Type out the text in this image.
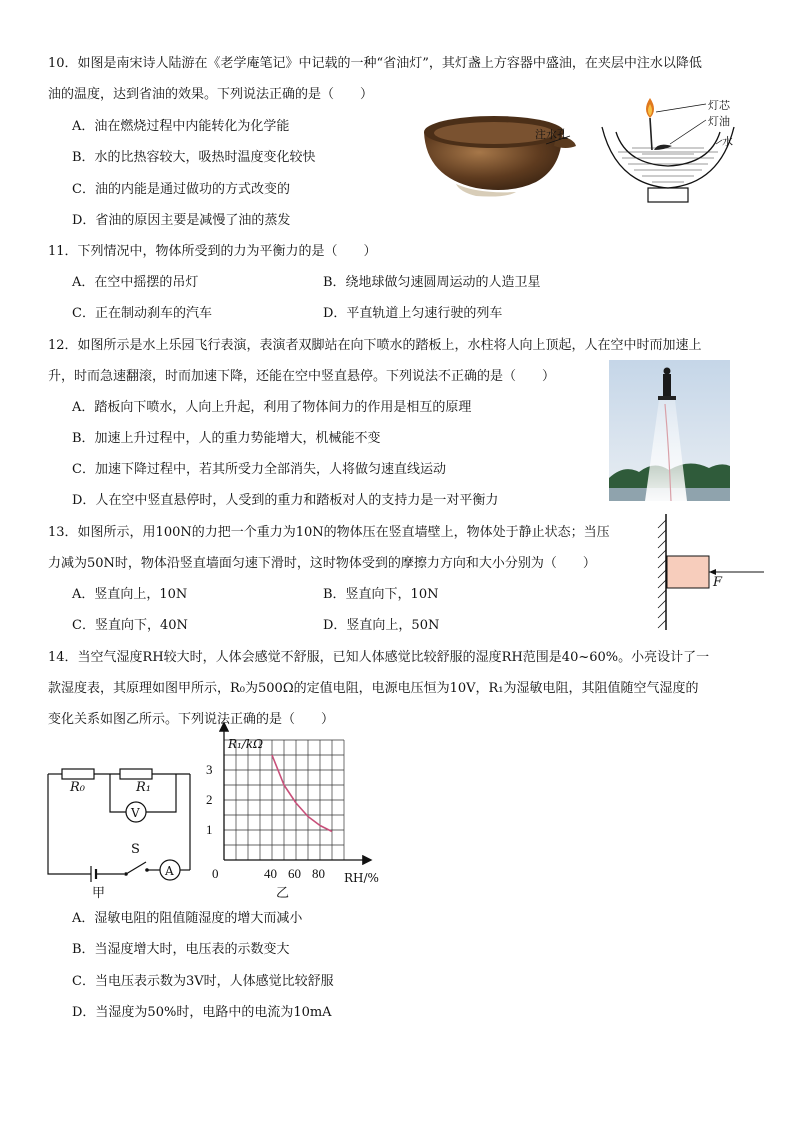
10．如图是南宋诗人陆游在《老学庵笔记》中记载的一种“省油灯”，其灯盏上方容器中盛油，在夹层中注水以降低
油的温度，达到省油的效果。下列说法正确的是（　　）
A．油在燃烧过程中内能转化为化学能
B．水的比热容较大，吸热时温度变化较快
C．油的内能是通过做功的方式改变的
D．省油的原因主要是减慢了油的蒸发
注水孔
灯芯
灯油
水
11．下列情况中，物体所受到的力为平衡力的是（　　）
A．在空中摇摆的吊灯	B．绕地球做匀速圆周运动的人造卫星
C．正在制动刹车的汽车	D．平直轨道上匀速行驶的列车
12．如图所示是水上乐园飞行表演，表演者双脚站在向下喷水的踏板上，水柱将人向上顶起，人在空中时而加速上
升，时而急速翻滚，时而加速下降，还能在空中竖直悬停。下列说法不正确的是（　　）
A．踏板向下喷水，人向上升起，利用了物体间力的作用是相互的原理
B．加速上升过程中，人的重力势能增大，机械能不变
C．加速下降过程中，若其所受力全部消失，人将做匀速直线运动
D．人在空中竖直悬停时，人受到的重力和踏板对人的支持力是一对平衡力
13．如图所示，用100N的力把一个重力为10N的物体压在竖直墙壁上，物体处于静止状态；当压
力减为50N时，物体沿竖直墙面匀速下滑时，这时物体受到的摩擦力方向和大小分别为（　　）
A．竖直向上，10N	B．竖直向下，10N
C．竖直向下，40N	D．竖直向上，50N
F
14．当空气湿度RH较大时，人体会感觉不舒服，已知人体感觉比较舒服的湿度RH范围是40~60%。小亮设计了一
款湿度表，其原理如图甲所示，R₀为500Ω的定值电阻，电源电压恒为10V，R₁为湿敏电阻，其阻值随空气湿度的
变化关系如图乙所示。下列说法正确的是（　　）
R₀	R₁
V
A
S
甲
0	40 60 80
1
2
3
R₁/kΩ
RH/%
乙
A．湿敏电阻的阻值随湿度的增大而减小
B．当湿度增大时，电压表的示数变大
C．当电压表示数为3V时，人体感觉比较舒服
D．当湿度为50%时，电路中的电流为10mA
